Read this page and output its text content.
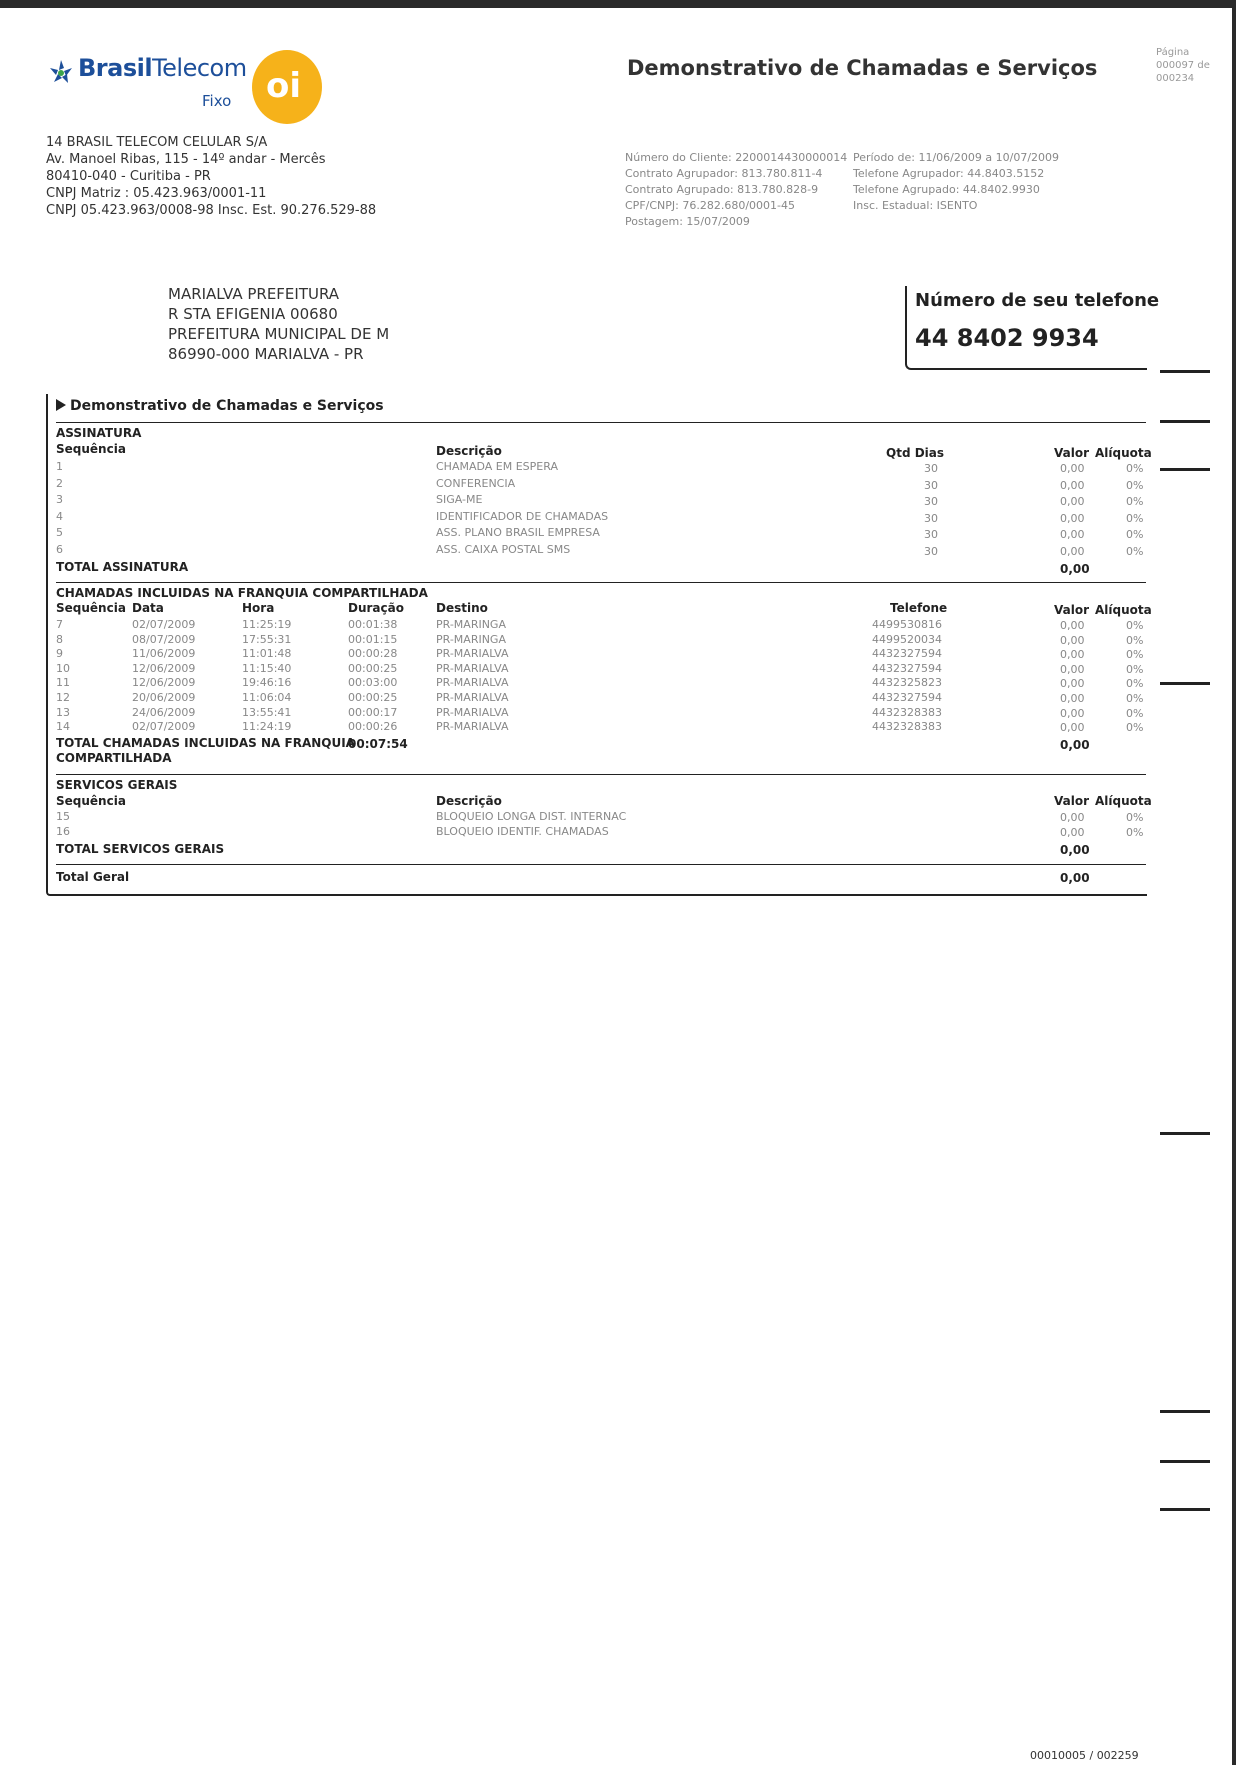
BrasilTelecom
Fixo oi
14 BRASIL TELECOM CELULAR S/A
Av. Manoel Ribas, 115 - 14º andar - Mercês
80410-040 - Curitiba - PR
CNPJ Matriz : 05.423.963/0001-11
CNPJ 05.423.963/0008-98 Insc. Est. 90.276.529-88
Demonstrativo de Chamadas e Serviços
Página
000097 de
000234
Número do Cliente: 2200014430000014
Contrato Agrupador: 813.780.811-4
Contrato Agrupado: 813.780.828-9
CPF/CNPJ: 76.282.680/0001-45
Postagem: 15/07/2009
Período de: 11/06/2009 a 10/07/2009
Telefone Agrupador: 44.8403.5152
Telefone Agrupado: 44.8402.9930
Insc. Estadual: ISENTO
MARIALVA PREFEITURA
R STA EFIGENIA 00680
PREFEITURA MUNICIPAL DE M
86990-000 MARIALVA - PR
Número de seu telefone
44 8402 9934
Demonstrativo de Chamadas e Serviços
ASSINATURA
Sequência	Descrição	Qtd Dias	Valor Alíquota
1	CHAMADA EM ESPERA	30	0,00	0%
2	CONFERENCIA	30	0,00	0%
3	SIGA-ME	30	0,00	0%
4	IDENTIFICADOR DE CHAMADAS	30	0,00	0%
5	ASS. PLANO BRASIL EMPRESA	30	0,00	0%
6	ASS. CAIXA POSTAL SMS	30	0,00	0%
TOTAL ASSINATURA	0,00
CHAMADAS INCLUIDAS NA FRANQUIA COMPARTILHADA
Sequência Data	Hora	Duração	Destino	Telefone	Valor Alíquota
7	02/07/2009	11:25:19	00:01:38	PR-MARINGA	4499530816	0,00	0%
8	08/07/2009	17:55:31	00:01:15	PR-MARINGA	4499520034	0,00	0%
9	11/06/2009	11:01:48	00:00:28	PR-MARIALVA	4432327594	0,00	0%
10	12/06/2009	11:15:40	00:00:25	PR-MARIALVA	4432327594	0,00	0%
11	12/06/2009	19:46:16	00:03:00	PR-MARIALVA	4432325823	0,00	0%
12	20/06/2009	11:06:04	00:00:25	PR-MARIALVA	4432327594	0,00	0%
13	24/06/2009	13:55:41	00:00:17	PR-MARIALVA	4432328383	0,00	0%
14	02/07/2009	11:24:19	00:00:26	PR-MARIALVA	4432328383	0,00	0%
TOTAL CHAMADAS INCLUIDAS NA FRANQUIA
COMPARTILHADA
00:07:54	0,00
SERVICOS GERAIS
Sequência	Descrição	Valor Alíquota
15	BLOQUEIO LONGA DIST. INTERNAC	0,00	0%
16	BLOQUEIO IDENTIF. CHAMADAS	0,00	0%
TOTAL SERVICOS GERAIS	0,00
Total Geral	0,00
00010005 / 002259
